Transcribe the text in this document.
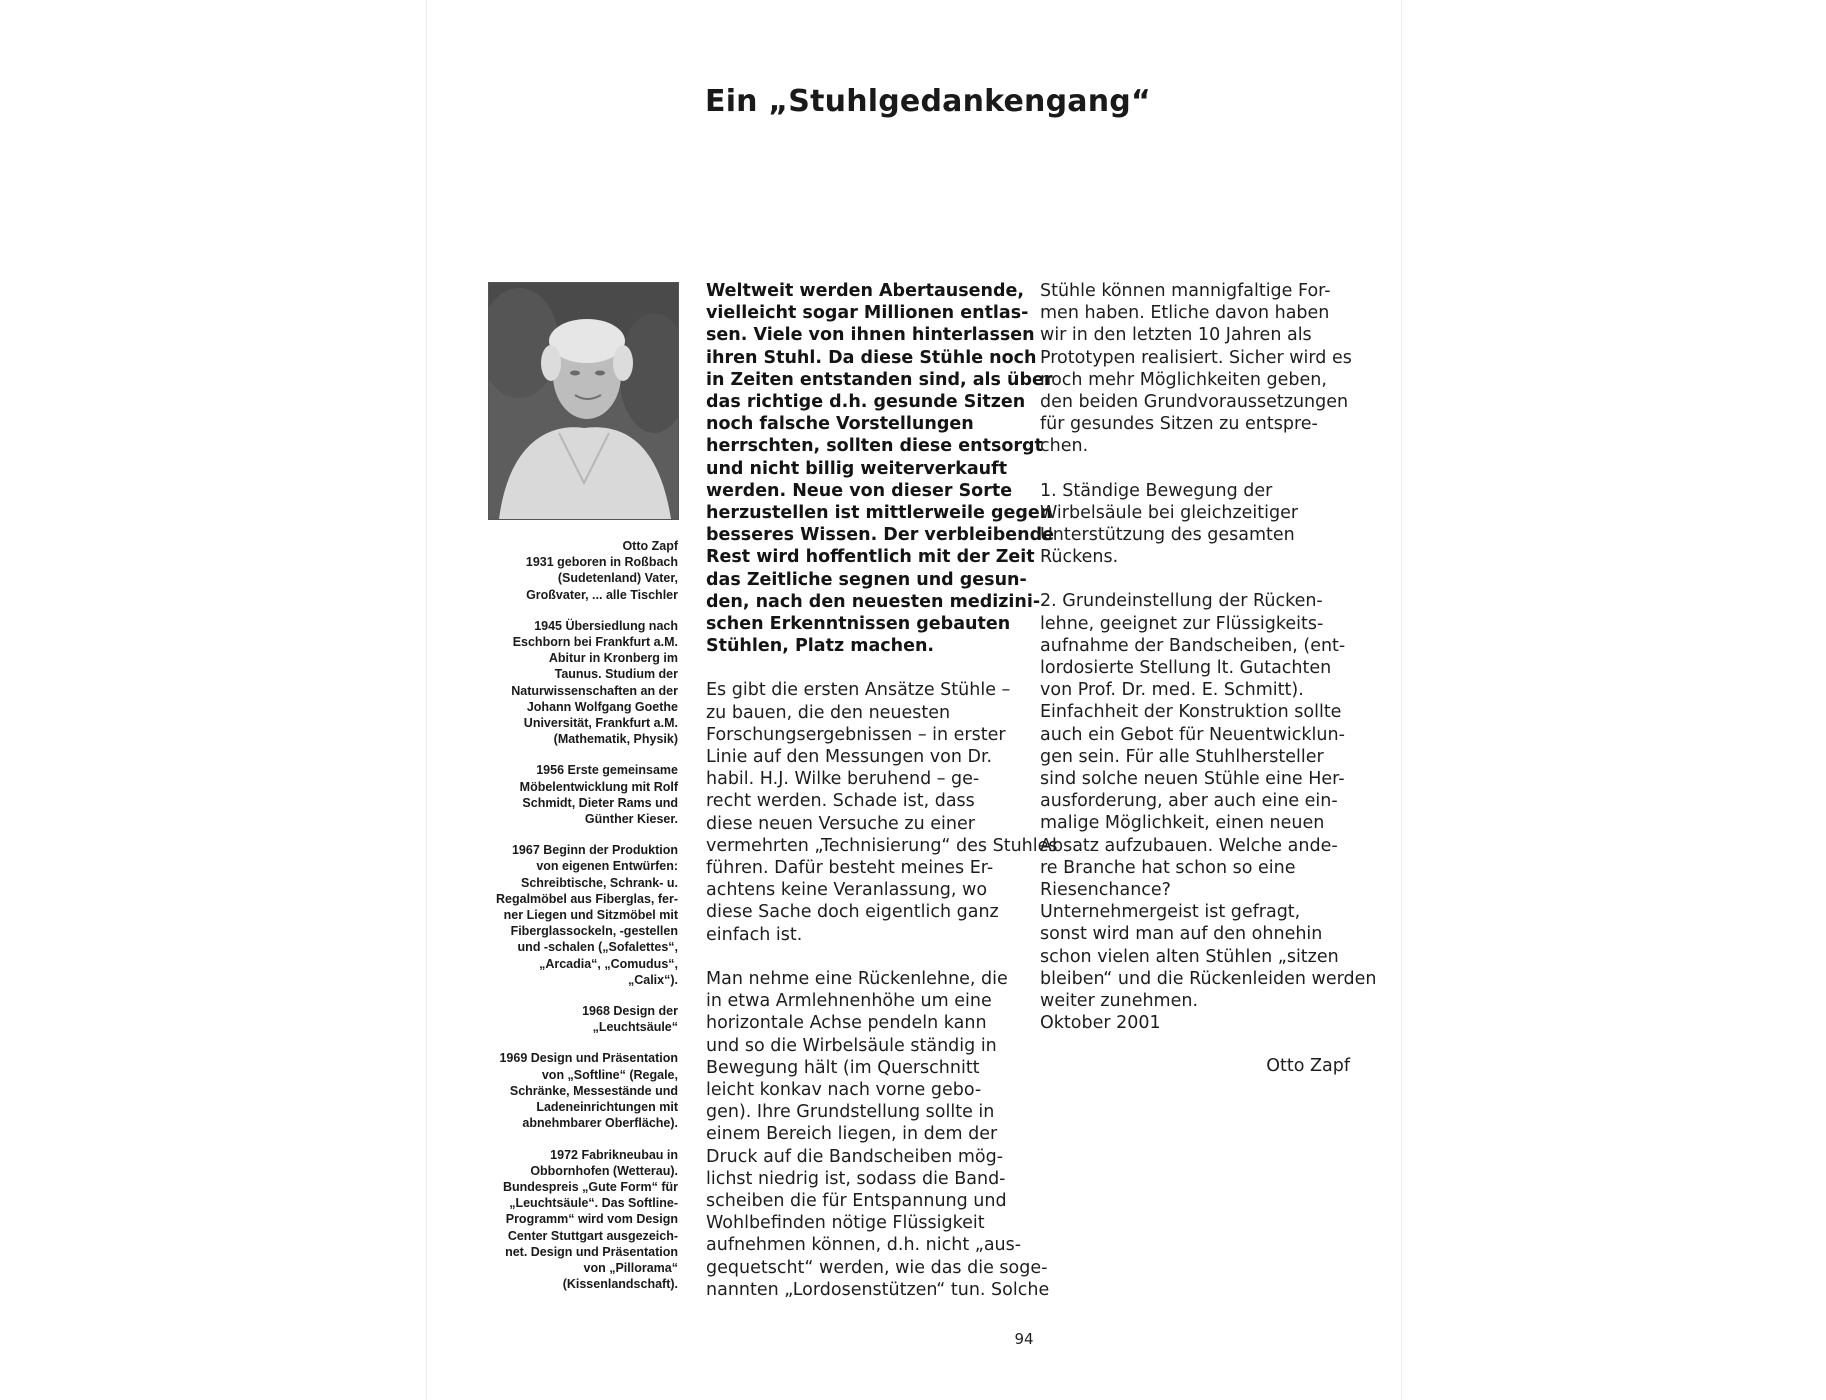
Ein „Stuhlgedankengang“

Otto Zapf
1931 geboren in Roßbach
(Sudetenland) Vater,
Großvater, ... alle Tischler

1945 Übersiedlung nach
Eschborn bei Frankfurt a.M.
Abitur in Kronberg im
Taunus. Studium der
Naturwissenschaften an der
Johann Wolfgang Goethe
Universität, Frankfurt a.M.
(Mathematik, Physik)

1956 Erste gemeinsame
Möbelentwicklung mit Rolf
Schmidt, Dieter Rams und
Günther Kieser.

1967 Beginn der Produktion
von eigenen Entwürfen:
Schreibtische, Schrank- u.
Regalmöbel aus Fiberglas, fer-
ner Liegen und Sitzmöbel mit
Fiberglassockeln, -gestellen
und -schalen („Sofalettes“,
„Arcadia“, „Comudus“,
„Calix“).

1968 Design der
„Leuchtsäule“

1969 Design und Präsentation
von „Softline“ (Regale,
Schränke, Messestände und
Ladeneinrichtungen mit
abnehmbarer Oberfläche).

1972 Fabrikneubau in
Obbornhofen (Wetterau).
Bundespreis „Gute Form“ für
„Leuchtsäule“. Das Softline-
Programm“ wird vom Design
Center Stuttgart ausgezeich-
net. Design und Präsentation
von „Pillorama“
(Kissenlandschaft).

Weltweit werden Abertausende,
vielleicht sogar Millionen entlas-
sen. Viele von ihnen hinterlassen
ihren Stuhl. Da diese Stühle noch
in Zeiten entstanden sind, als über
das richtige d.h. gesunde Sitzen
noch falsche Vorstellungen
herrschten, sollten diese entsorgt
und nicht billig weiterverkauft
werden. Neue von dieser Sorte
herzustellen ist mittlerweile gegen
besseres Wissen. Der verbleibende
Rest wird hoffentlich mit der Zeit
das Zeitliche segnen und gesun-
den, nach den neuesten medizini-
schen Erkenntnissen gebauten
Stühlen, Platz machen.
Es gibt die ersten Ansätze Stühle –
zu bauen, die den neuesten
Forschungsergebnissen – in erster
Linie auf den Messungen von Dr.
habil. H.J. Wilke beruhend – ge-
recht werden. Schade ist, dass
diese neuen Versuche zu einer
vermehrten „Technisierung“ des Stuhles
führen. Dafür besteht meines Er-
achtens keine Veranlassung, wo
diese Sache doch eigentlich ganz
einfach ist.
Man nehme eine Rückenlehne, die
in etwa Armlehnenhöhe um eine
horizontale Achse pendeln kann
und so die Wirbelsäule ständig in
Bewegung hält (im Querschnitt
leicht konkav nach vorne gebo-
gen). Ihre Grundstellung sollte in
einem Bereich liegen, in dem der
Druck auf die Bandscheiben mög-
lichst niedrig ist, sodass die Band-
scheiben die für Entspannung und
Wohlbefinden nötige Flüssigkeit
aufnehmen können, d.h. nicht „aus-
gequetscht“ werden, wie das die soge-
nannten „Lordosenstützen“ tun. Solche
Stühle können mannigfaltige For-
men haben. Etliche davon haben
wir in den letzten 10 Jahren als
Prototypen realisiert. Sicher wird es
noch mehr Möglichkeiten geben,
den beiden Grundvoraussetzungen
für gesundes Sitzen zu entspre-
chen.
1. Ständige Bewegung der
Wirbelsäule bei gleichzeitiger
Unterstützung des gesamten
Rückens.
2. Grundeinstellung der Rücken-
lehne, geeignet zur Flüssigkeits-
aufnahme der Bandscheiben, (ent-
lordosierte Stellung lt. Gutachten
von Prof. Dr. med. E. Schmitt).
Einfachheit der Konstruktion sollte
auch ein Gebot für Neuentwicklun-
gen sein. Für alle Stuhlhersteller
sind solche neuen Stühle eine Her-
ausforderung, aber auch eine ein-
malige Möglichkeit, einen neuen
Absatz aufzubauen. Welche ande-
re Branche hat schon so eine
Riesenchance?
Unternehmergeist ist gefragt,
sonst wird man auf den ohnehin
schon vielen alten Stühlen „sitzen
bleiben“ und die Rückenleiden werden
weiter zunehmen.
Oktober 2001
Otto Zapf
94
